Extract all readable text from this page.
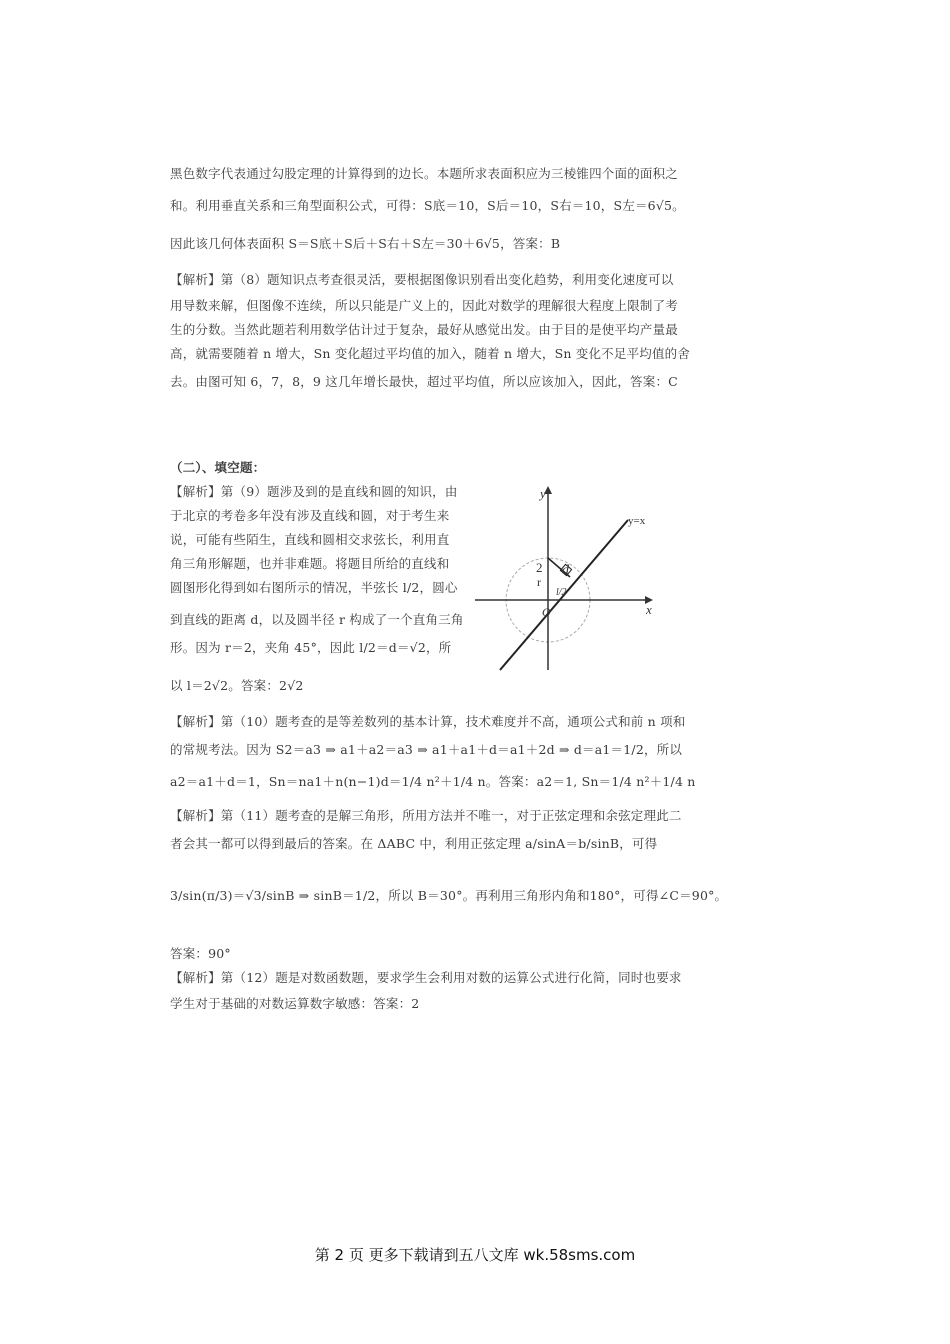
黑色数字代表通过勾股定理的计算得到的边长。本题所求表面积应为三棱锥四个面的面积之
和。利用垂直关系和三角型面积公式，可得：S底＝10，S后＝10，S右＝10，S左＝6√5。
因此该几何体表面积 S＝S底＋S后＋S右＋S左＝30＋6√5，答案：B
【解析】第（8）题知识点考查很灵活，要根据图像识别看出变化趋势，利用变化速度可以
用导数来解，但图像不连续，所以只能是广义上的，因此对数学的理解很大程度上限制了考
生的分数。当然此题若利用数学估计过于复杂，最好从感觉出发。由于目的是使平均产量最
高，就需要随着 n 增大，Sn 变化超过平均值的加入，随着 n 增大，Sn 变化不足平均值的舍
去。由图可知 6，7，8，9 这几年增长最快，超过平均值，所以应该加入，因此，答案：C
（二）、填空题：
【解析】第（9）题涉及到的是直线和圆的知识，由
于北京的考卷多年没有涉及直线和圆，对于考生来
说，可能有些陌生，直线和圆相交求弦长，利用直
角三角形解题，也并非难题。将题目所给的直线和
圆图形化得到如右图所示的情况，半弦长 l/2，圆心
到直线的距离 d，以及圆半径 r 构成了一个直角三角
形。因为 r＝2，夹角 45°，因此 l/2＝d＝√2，所
以 l＝2√2。答案：2√2
y
x
y=x
O
d
2
r
l/2
【解析】第（10）题考查的是等差数列的基本计算，技术难度并不高，通项公式和前 n 项和
的常规考法。因为 S2＝a3 ⇒ a1＋a2＝a3 ⇒ a1＋a1＋d＝a1＋2d ⇒ d＝a1＝1/2，所以
a2＝a1＋d＝1，Sn＝na1＋n(n−1)d＝1/4 n²＋1/4 n。答案：a2＝1, Sn＝1/4 n²＋1/4 n
【解析】第（11）题考查的是解三角形，所用方法并不唯一，对于正弦定理和余弦定理此二
者会其一都可以得到最后的答案。在 ΔABC 中，利用正弦定理 a/sinA＝b/sinB，可得
3/sin(π/3)＝√3/sinB ⇒ sinB＝1/2，所以 B＝30°。再利用三角形内角和180°，可得∠C＝90°。
答案：90°
【解析】第（12）题是对数函数题，要求学生会利用对数的运算公式进行化简，同时也要求
学生对于基础的对数运算数字敏感：答案：2
第 2 页 更多下载请到五八文库 wk.58sms.com
